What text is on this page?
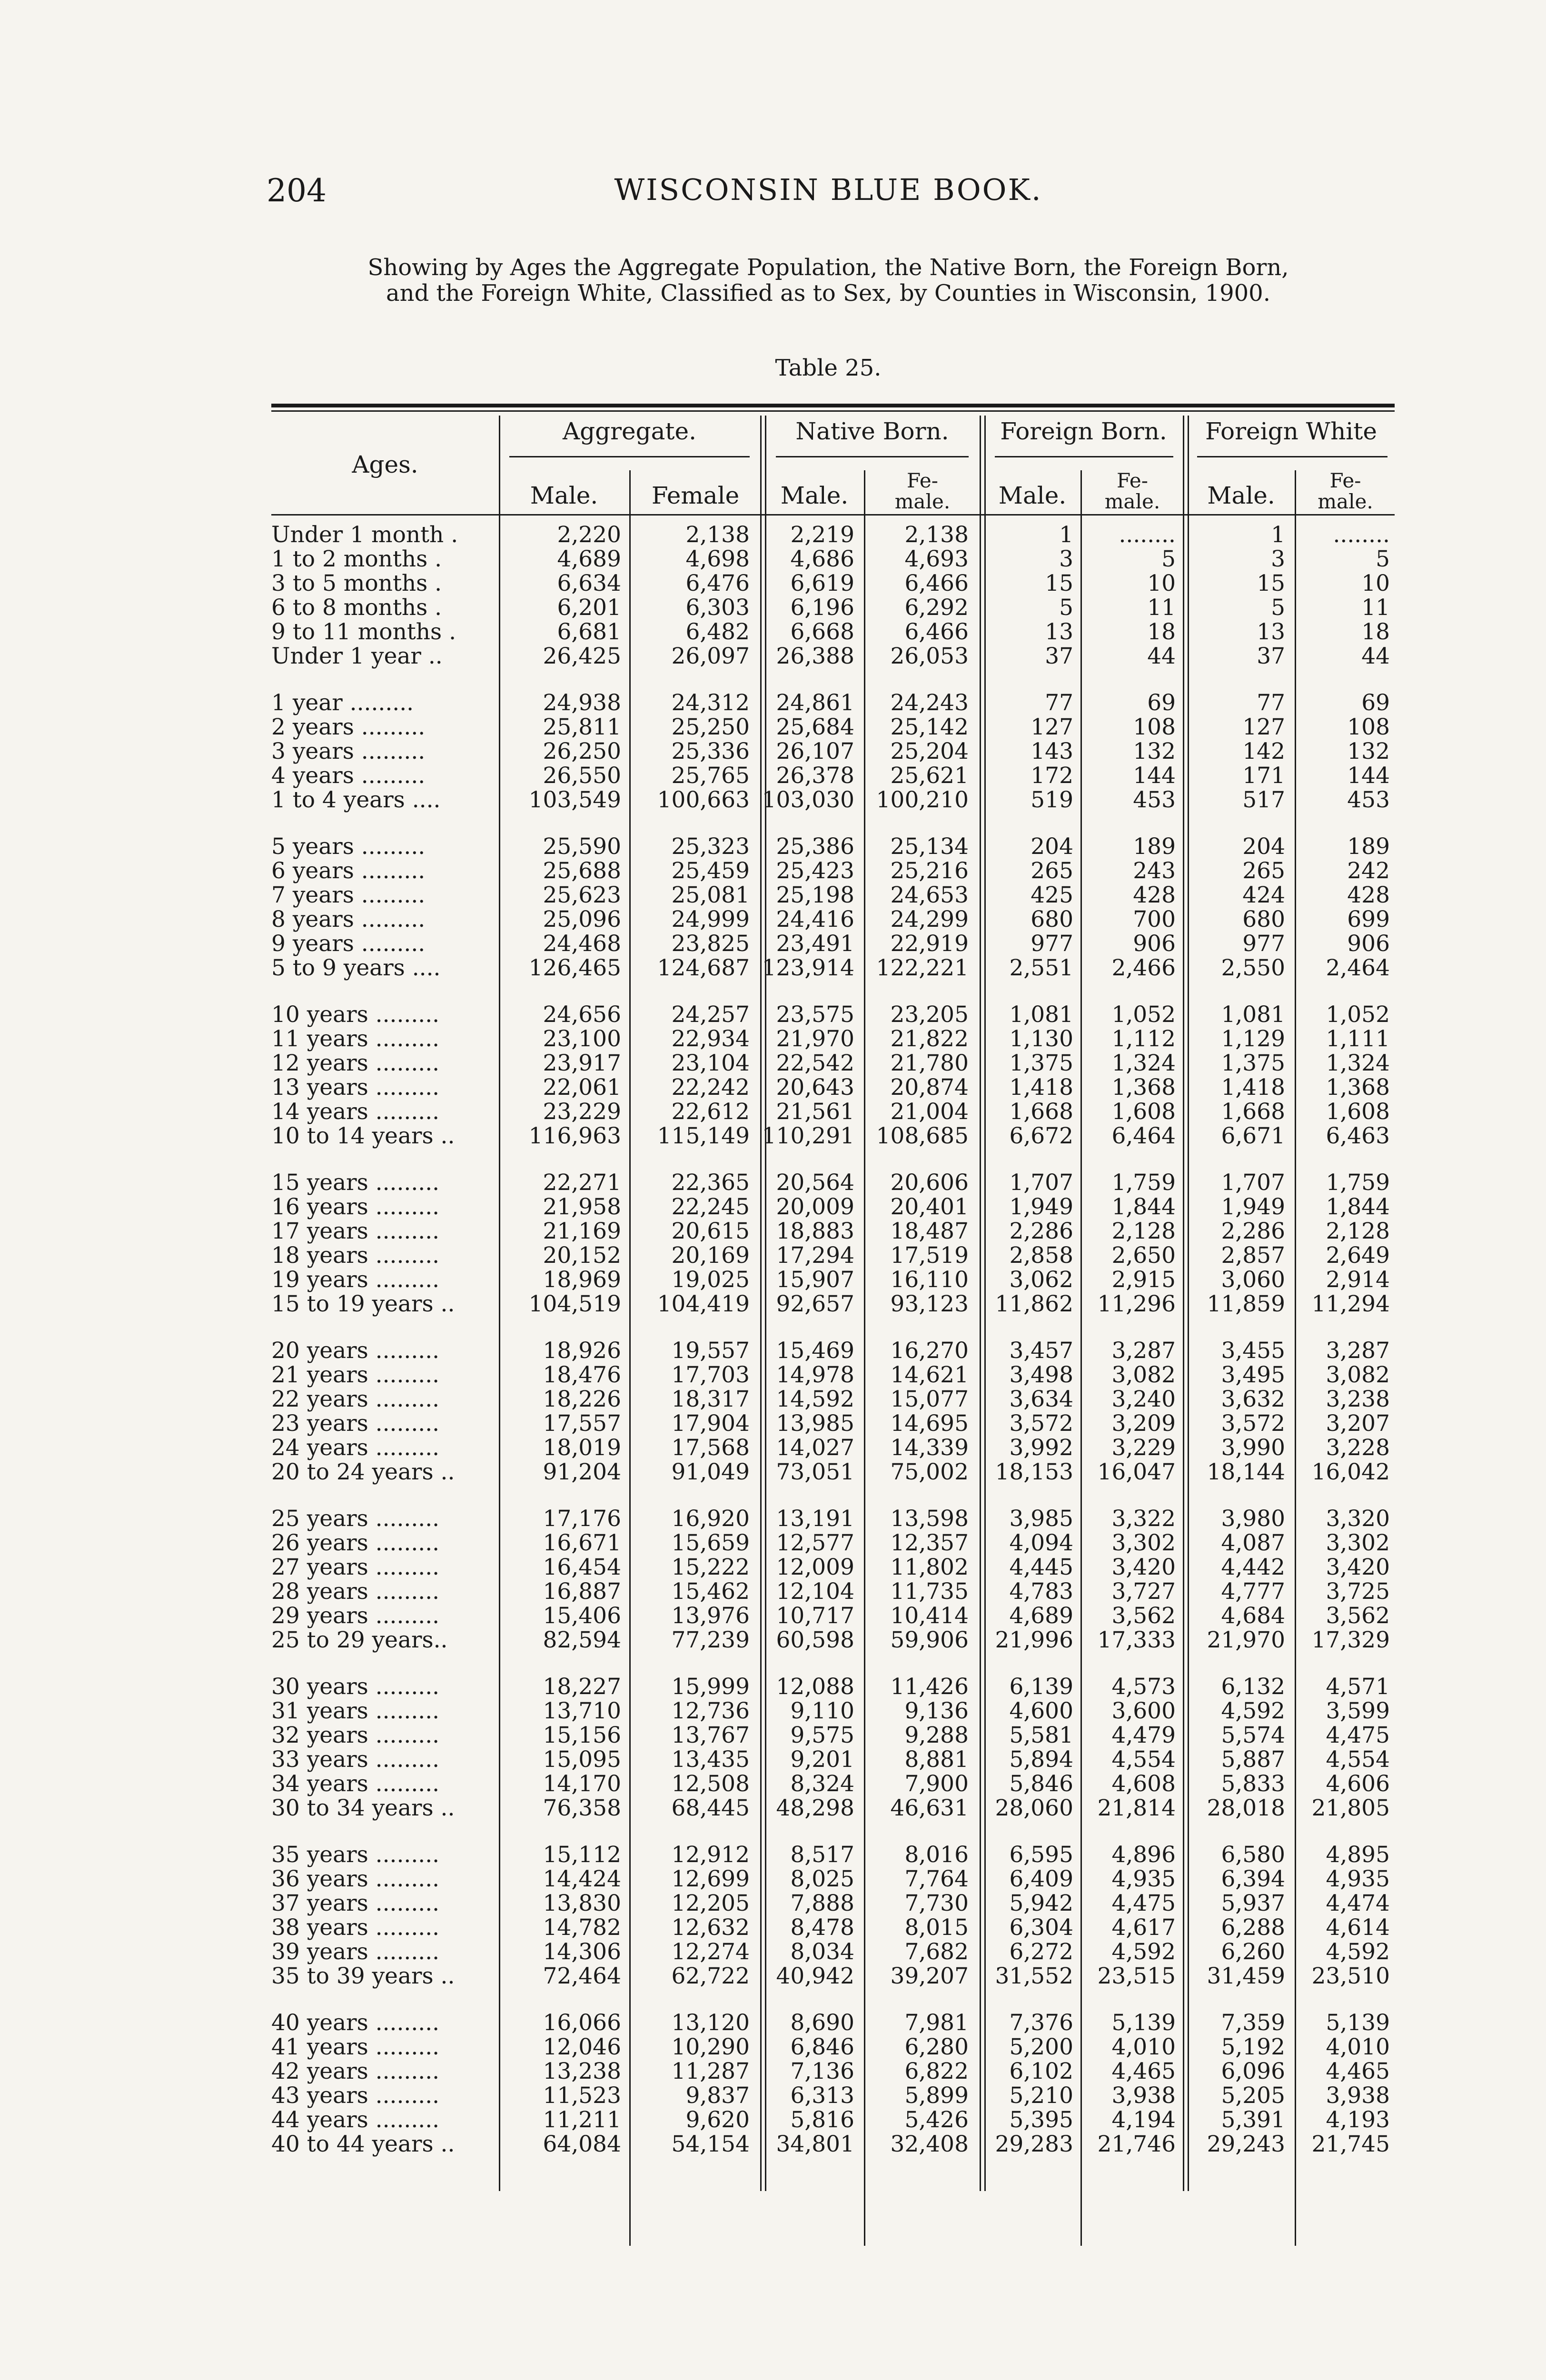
204	WISCONSIN BLUE BOOK.
Showing by Ages the Aggregate Population, the Native Born, the Foreign Born,
and the Foreign White, Classified as to Sex, by Counties in Wisconsin, 1900.
Table 25.
Ages.
Aggregate.	Native Born.	Foreign Born.	Foreign White
Male.	Female	Male.
Fe-
male.	Male.
Fe-
male.	Male.
Fe-
male.
Under 1 month .	2,220	2,138 2,219 2,138	1 ........	1 ........
1 to 2 months .	4,689	4,698 4,686 4,693	3	5	3	5
3 to 5 months .	6,634	6,476 6,619 6,466	15	10	15	10
6 to 8 months .	6,201	6,303 6,196 6,292	5	11	5	11
9 to 11 months .	6,681	6,482 6,668 6,466	13	18	13	18
Under 1 year ..	26,425 26,097 26,388 26,053	37	44	37	44
1 year .........	24,938 24,312 24,861 24,243	77	69	77	69
2 years .........	25,811 25,250 25,684 25,142	127	108	127	108
3 years .........	26,250 25,336 26,107 25,204	143	132	142	132
4 years .........	26,550 25,765 26,378 25,621	172	144	171	144
1 to 4 years ....	103,549 100,663 103,030 100,210	519	453	517	453
5 years .........	25,590 25,323 25,386 25,134	204	189	204	189
6 years .........	25,688 25,459 25,423 25,216	265	243	265	242
7 years .........	25,623 25,081 25,198 24,653	425	428	424	428
8 years .........	25,096 24,999 24,416 24,299	680	700	680	699
9 years .........	24,468 23,825 23,491 22,919	977	906	977	906
5 to 9 years ....	126,465 124,687 123,914 122,221 2,551 2,466 2,550 2,464
10 years .........	24,656 24,257 23,575 23,205 1,081 1,052 1,081 1,052
11 years .........	23,100 22,934 21,970 21,822 1,130 1,112 1,129 1,111
12 years .........	23,917 23,104 22,542 21,780 1,375 1,324 1,375 1,324
13 years .........	22,061 22,242 20,643 20,874 1,418 1,368 1,418 1,368
14 years .........	23,229 22,612 21,561 21,004 1,668 1,608 1,668 1,608
10 to 14 years ..	116,963 115,149 110,291 108,685 6,672 6,464 6,671 6,463
15 years .........	22,271 22,365 20,564 20,606 1,707 1,759 1,707 1,759
16 years .........	21,958 22,245 20,009 20,401 1,949 1,844 1,949 1,844
17 years .........	21,169 20,615 18,883 18,487 2,286 2,128 2,286 2,128
18 years .........	20,152 20,169 17,294 17,519 2,858 2,650 2,857 2,649
19 years .........	18,969 19,025 15,907 16,110 3,062 2,915 3,060 2,914
15 to 19 years ..	104,519 104,419 92,657 93,123 11,862 11,296 11,859 11,294
20 years .........	18,926 19,557 15,469 16,270 3,457 3,287 3,455 3,287
21 years .........	18,476 17,703 14,978 14,621 3,498 3,082 3,495 3,082
22 years .........	18,226 18,317 14,592 15,077 3,634 3,240 3,632 3,238
23 years .........	17,557 17,904 13,985 14,695 3,572 3,209 3,572 3,207
24 years .........	18,019 17,568 14,027 14,339 3,992 3,229 3,990 3,228
20 to 24 years ..	91,204 91,049 73,051 75,002 18,153 16,047 18,144 16,042
25 years .........	17,176 16,920 13,191 13,598 3,985 3,322 3,980 3,320
26 years .........	16,671 15,659 12,577 12,357 4,094 3,302 4,087 3,302
27 years .........	16,454 15,222 12,009 11,802 4,445 3,420 4,442 3,420
28 years .........	16,887 15,462 12,104 11,735 4,783 3,727 4,777 3,725
29 years .........	15,406 13,976 10,717 10,414 4,689 3,562 4,684 3,562
25 to 29 years..	82,594 77,239 60,598 59,906 21,996 17,333 21,970 17,329
30 years .........	18,227 15,999 12,088 11,426 6,139 4,573 6,132 4,571
31 years .........	13,710 12,736 9,110 9,136 4,600 3,600 4,592 3,599
32 years .........	15,156 13,767 9,575 9,288 5,581 4,479 5,574 4,475
33 years .........	15,095 13,435 9,201 8,881 5,894 4,554 5,887 4,554
34 years .........	14,170 12,508 8,324 7,900 5,846 4,608 5,833 4,606
30 to 34 years ..	76,358 68,445 48,298 46,631 28,060 21,814 28,018 21,805
35 years .........	15,112 12,912 8,517 8,016 6,595 4,896 6,580 4,895
36 years .........	14,424 12,699 8,025 7,764 6,409 4,935 6,394 4,935
37 years .........	13,830 12,205 7,888 7,730 5,942 4,475 5,937 4,474
38 years .........	14,782 12,632 8,478 8,015 6,304 4,617 6,288 4,614
39 years .........	14,306 12,274 8,034 7,682 6,272 4,592 6,260 4,592
35 to 39 years ..	72,464 62,722 40,942 39,207 31,552 23,515 31,459 23,510
40 years .........	16,066 13,120 8,690 7,981 7,376 5,139 7,359 5,139
41 years .........	12,046 10,290 6,846 6,280 5,200 4,010 5,192 4,010
42 years .........	13,238 11,287 7,136 6,822 6,102 4,465 6,096 4,465
43 years .........	11,523	9,837 6,313 5,899 5,210 3,938 5,205 3,938
44 years .........	11,211	9,620 5,816 5,426 5,395 4,194 5,391 4,193
40 to 44 years ..	64,084 54,154 34,801 32,408 29,283 21,746 29,243 21,745
